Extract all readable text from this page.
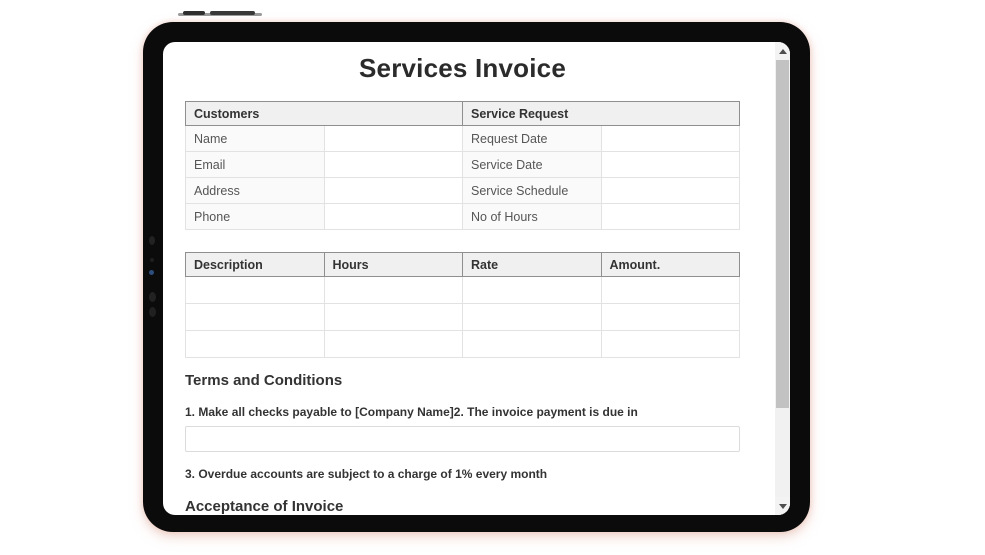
Services Invoice
Customers		Service Request	
Name		Request Date	
Email		Service Date	
Address		Service Schedule	
Phone		No of Hours	
Description	Hours	Rate	Amount.

Terms and Conditions

1. Make all checks payable to [Company Name]2. The invoice payment is due in

3. Overdue accounts are subject to a charge of 1% every month

Acceptance of Invoice
